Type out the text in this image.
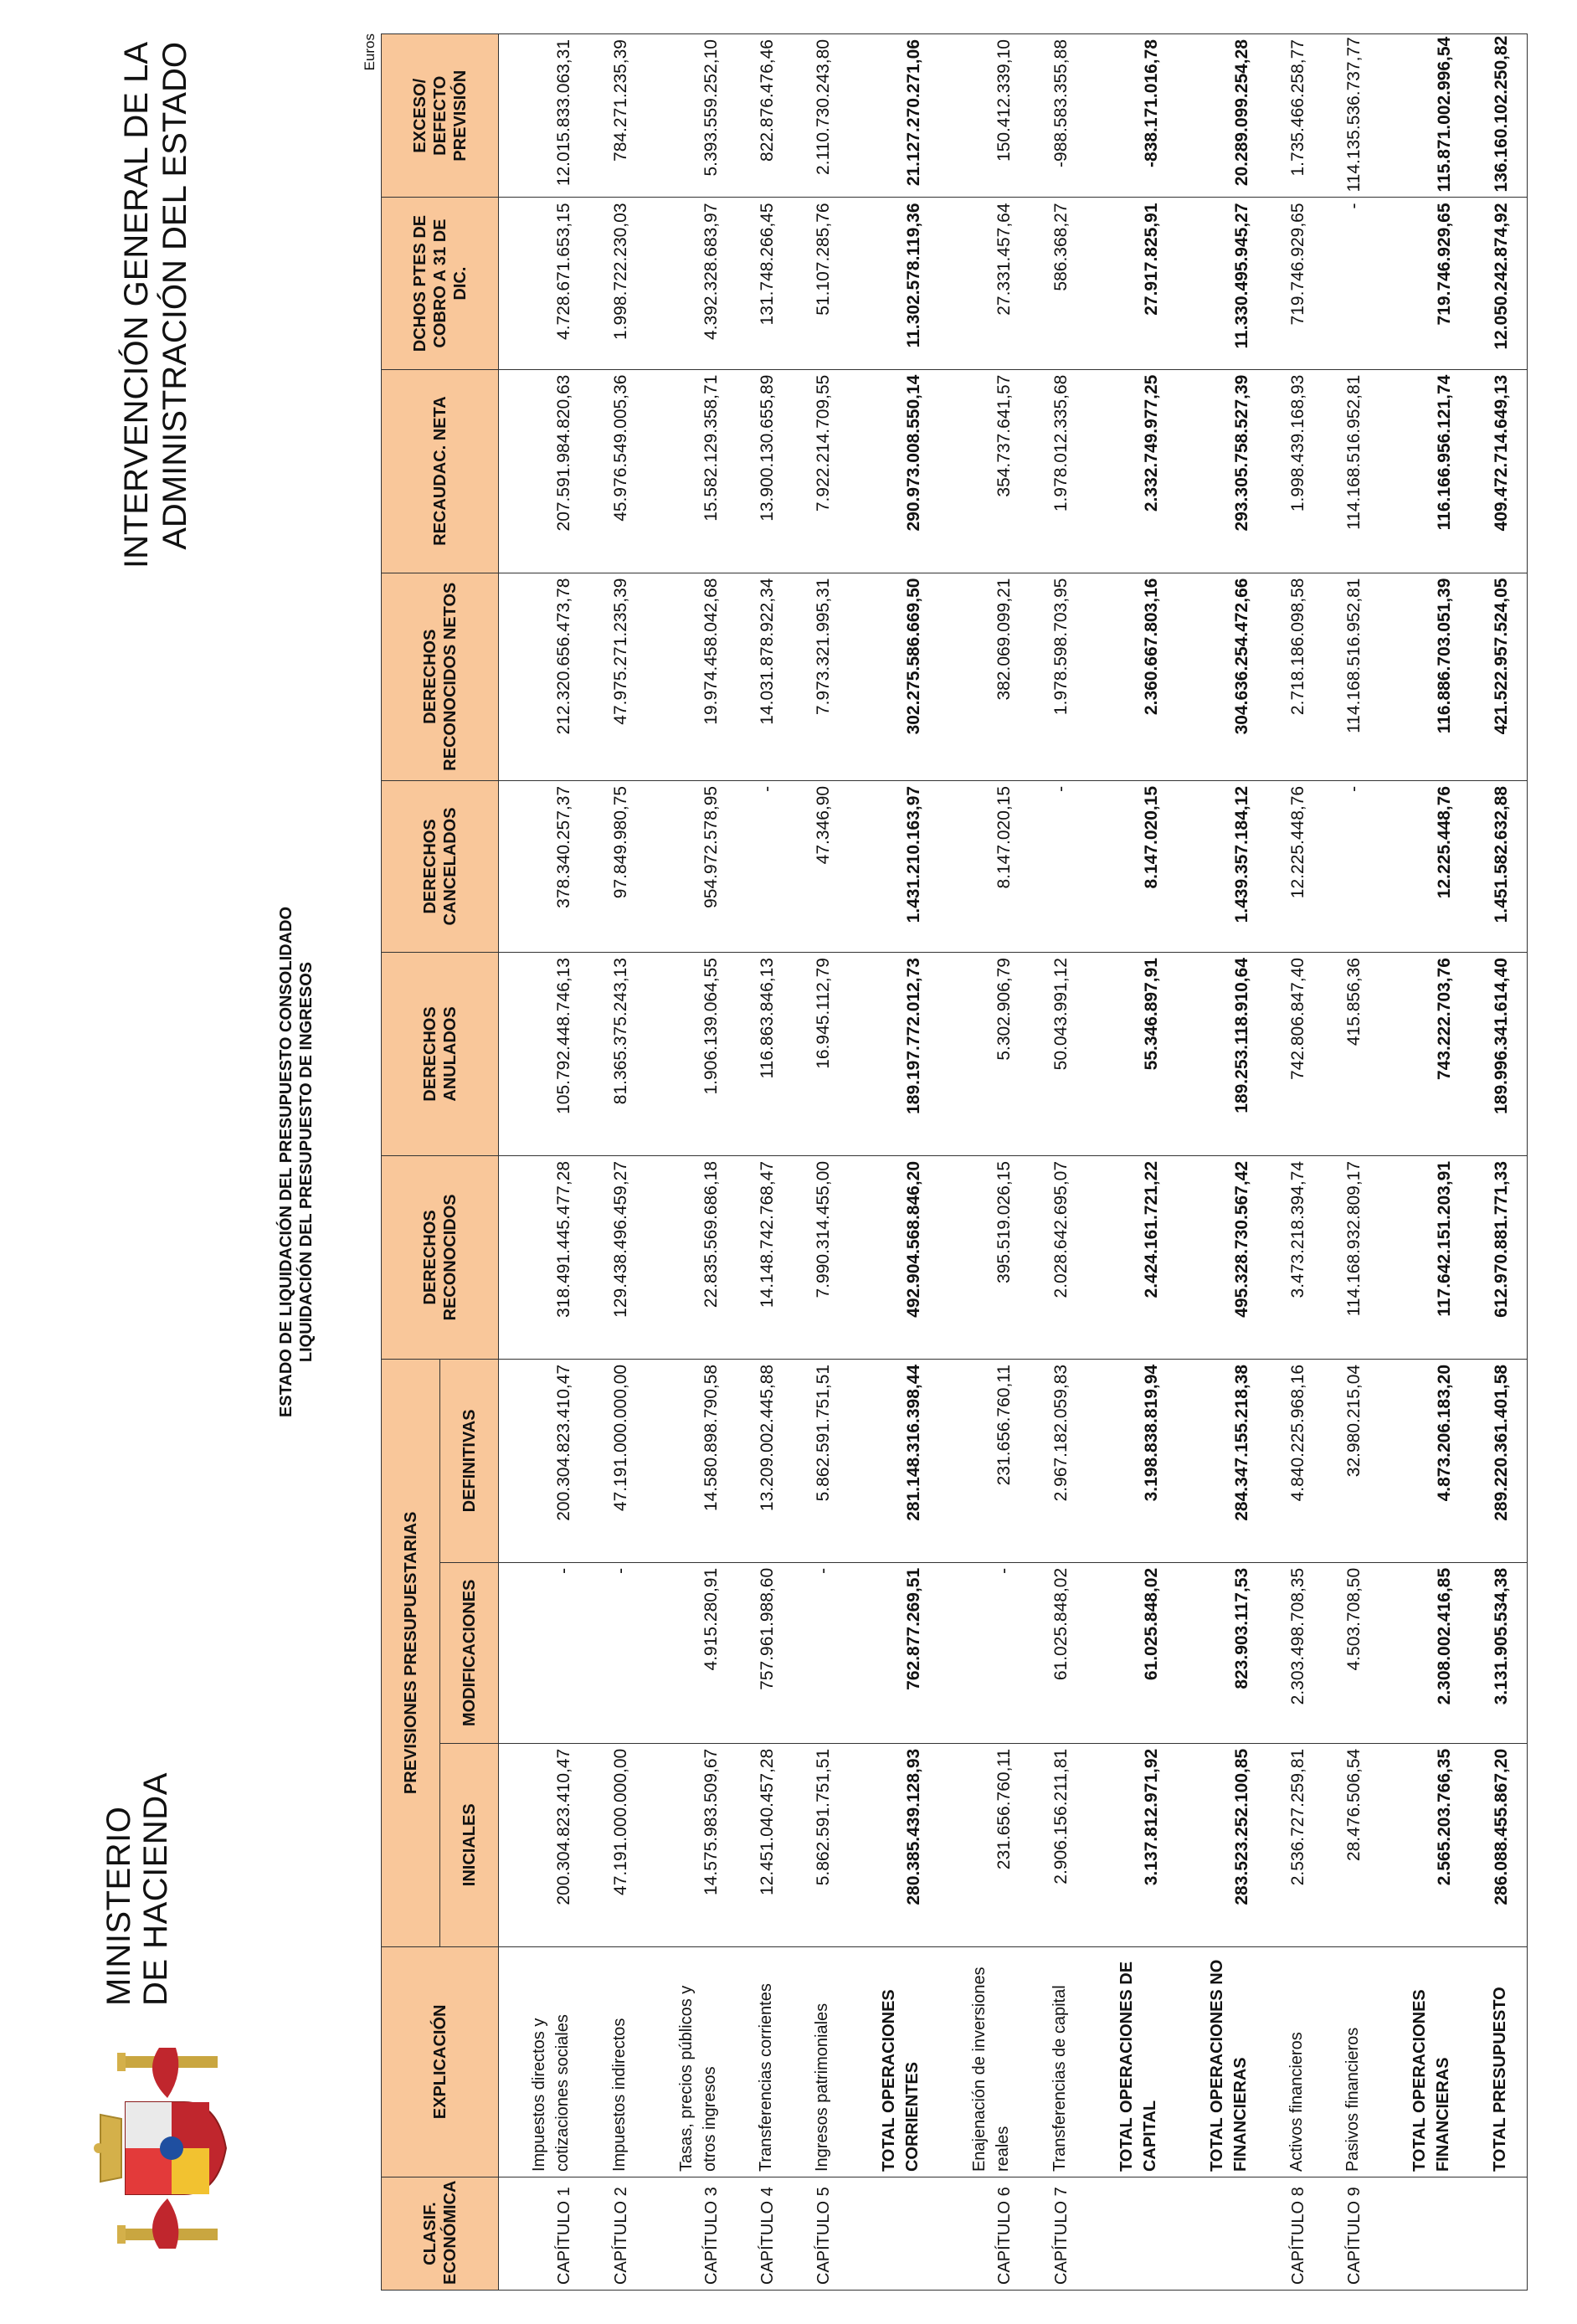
MINISTERIO DE HACIENDA
INTERVENCIÓN GENERAL DE LA ADMINISTRACIÓN DEL ESTADO
ESTADO DE LIQUIDACIÓN DEL PRESUPUESTO CONSOLIDADO LIQUIDACIÓN DEL PRESUPUESTO DE INGRESOS
Euros
CLASIF. ECONÓMICA	EXPLICACIÓN	PREVISIONES PRESUPUESTARIAS			DERECHOS RECONOCIDOS	DERECHOS ANULADOS	DERECHOS CANCELADOS	DERECHOS RECONOCIDOS NETOS	RECAUDAC. NETA	DCHOS PTES DE COBRO A 31 DE DIC.	EXCESO/ DEFECTO PREVISIÓN
		INICIALES	MODIFICACIONES	DEFINITIVAS							
CAPÍTULO 1	Impuestos directos y cotizaciones sociales	200.304.823.410,47	-	200.304.823.410,47	318.491.445.477,28	105.792.448.746,13	378.340.257,37	212.320.656.473,78	207.591.984.820,63	4.728.671.653,15	12.015.833.063,31
CAPÍTULO 2	Impuestos indirectos	47.191.000.000,00	-	47.191.000.000,00	129.438.496.459,27	81.365.375.243,13	97.849.980,75	47.975.271.235,39	45.976.549.005,36	1.998.722.230,03	784.271.235,39
CAPÍTULO 3	Tasas, precios públicos y otros ingresos	14.575.983.509,67	4.915.280,91	14.580.898.790,58	22.835.569.686,18	1.906.139.064,55	954.972.578,95	19.974.458.042,68	15.582.129.358,71	4.392.328.683,97	5.393.559.252,10
CAPÍTULO 4	Transferencias corrientes	12.451.040.457,28	757.961.988,60	13.209.002.445,88	14.148.742.768,47	116.863.846,13	-	14.031.878.922,34	13.900.130.655,89	131.748.266,45	822.876.476,46
CAPÍTULO 5	Ingresos patrimoniales	5.862.591.751,51	-	5.862.591.751,51	7.990.314.455,00	16.945.112,79	47.346,90	7.973.321.995,31	7.922.214.709,55	51.107.285,76	2.110.730.243,80
	TOTAL OPERACIONES CORRIENTES	280.385.439.128,93	762.877.269,51	281.148.316.398,44	492.904.568.846,20	189.197.772.012,73	1.431.210.163,97	302.275.586.669,50	290.973.008.550,14	11.302.578.119,36	21.127.270.271,06
CAPÍTULO 6	Enajenación de inversiones reales	231.656.760,11	-	231.656.760,11	395.519.026,15	5.302.906,79	8.147.020,15	382.069.099,21	354.737.641,57	27.331.457,64	150.412.339,10
CAPÍTULO 7	Transferencias de capital	2.906.156.211,81	61.025.848,02	2.967.182.059,83	2.028.642.695,07	50.043.991,12	-	1.978.598.703,95	1.978.012.335,68	586.368,27	-988.583.355,88
	TOTAL OPERACIONES DE CAPITAL	3.137.812.971,92	61.025.848,02	3.198.838.819,94	2.424.161.721,22	55.346.897,91	8.147.020,15	2.360.667.803,16	2.332.749.977,25	27.917.825,91	-838.171.016,78
	TOTAL OPERACIONES NO FINANCIERAS	283.523.252.100,85	823.903.117,53	284.347.155.218,38	495.328.730.567,42	189.253.118.910,64	1.439.357.184,12	304.636.254.472,66	293.305.758.527,39	11.330.495.945,27	20.289.099.254,28
CAPÍTULO 8	Activos financieros	2.536.727.259,81	2.303.498.708,35	4.840.225.968,16	3.473.218.394,74	742.806.847,40	12.225.448,76	2.718.186.098,58	1.998.439.168,93	719.746.929,65	1.735.466.258,77
CAPÍTULO 9	Pasivos financieros	28.476.506,54	4.503.708,50	32.980.215,04	114.168.932.809,17	415.856,36	-	114.168.516.952,81	114.168.516.952,81	-	114.135.536.737,77
	TOTAL OPERACIONES FINANCIERAS	2.565.203.766,35	2.308.002.416,85	4.873.206.183,20	117.642.151.203,91	743.222.703,76	12.225.448,76	116.886.703.051,39	116.166.956.121,74	719.746.929,65	115.871.002.996,54
	TOTAL PRESUPUESTO	286.088.455.867,20	3.131.905.534,38	289.220.361.401,58	612.970.881.771,33	189.996.341.614,40	1.451.582.632,88	421.522.957.524,05	409.472.714.649,13	12.050.242.874,92	136.160.102.250,82
